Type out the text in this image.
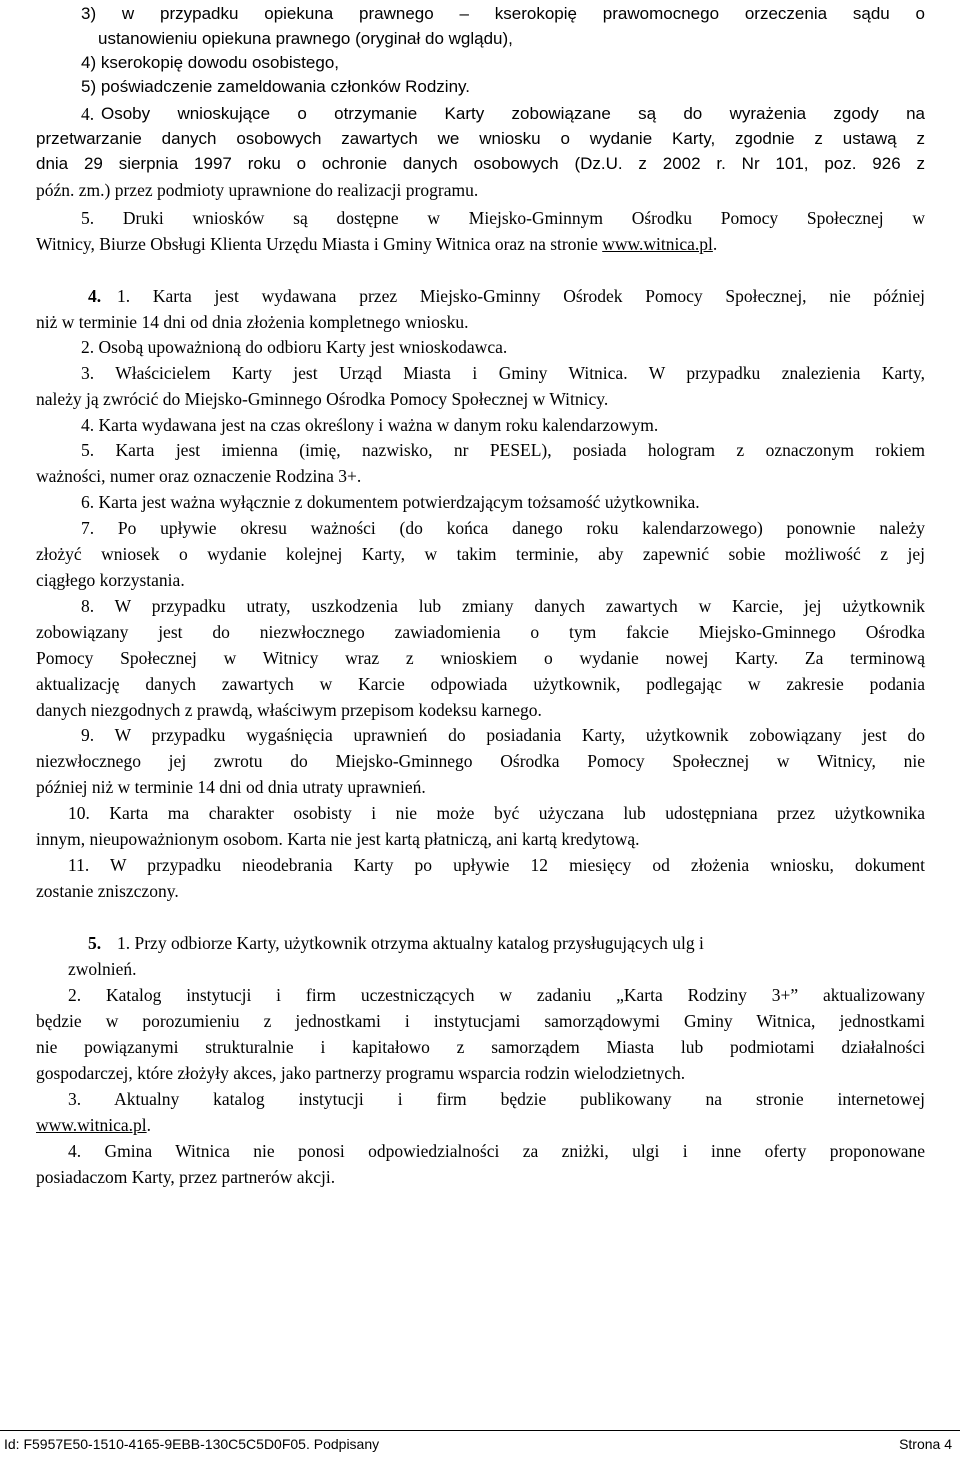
3) w przypadku opiekuna prawnego – kserokopię prawomocnego orzeczenia sądu o
ustanowieniu opiekuna prawnego (oryginał do wglądu),
4) kserokopię dowodu osobistego,
5) poświadczenie zameldowania członków Rodziny.
4. Osoby wnioskujące o otrzymanie Karty zobowiązane są do wyrażenia zgody na
przetwarzanie danych osobowych zawartych we wniosku o wydanie Karty, zgodnie z ustawą z
dnia 29 sierpnia 1997 roku o ochronie danych osobowych (Dz.U. z 2002 r. Nr 101, poz. 926 z
późn. zm.) przez podmioty uprawnione do realizacji programu.
5. Druki wniosków są dostępne w Miejsko-Gminnym Ośrodku Pomocy Społecznej w
Witnicy, Biurze Obsługi Klienta Urzędu Miasta i Gminy Witnica oraz na stronie www.witnica.pl.
4. 1. Karta jest wydawana przez Miejsko-Gminny Ośrodek Pomocy Społecznej, nie później
niż w terminie 14 dni od dnia złożenia kompletnego wniosku.
2. Osobą upoważnioną do odbioru Karty jest wnioskodawca.
3. Właścicielem Karty jest Urząd Miasta i Gminy Witnica. W przypadku znalezienia Karty,
należy ją zwrócić do Miejsko-Gminnego Ośrodka Pomocy Społecznej w Witnicy.
4. Karta wydawana jest na czas określony i ważna w danym roku kalendarzowym.
5. Karta jest imienna (imię, nazwisko, nr PESEL), posiada hologram z oznaczonym rokiem
ważności, numer oraz oznaczenie Rodzina 3+.
6. Karta jest ważna wyłącznie z dokumentem potwierdzającym tożsamość użytkownika.
7. Po upływie okresu ważności (do końca danego roku kalendarzowego) ponownie należy
złożyć wniosek o wydanie kolejnej Karty, w takim terminie, aby zapewnić sobie możliwość z jej
ciągłego korzystania.
8. W przypadku utraty, uszkodzenia lub zmiany danych zawartych w Karcie, jej użytkownik
zobowiązany jest do niezwłocznego zawiadomienia o tym fakcie Miejsko-Gminnego Ośrodka
Pomocy Społecznej w Witnicy wraz z wnioskiem o wydanie nowej Karty. Za terminową
aktualizację danych zawartych w Karcie odpowiada użytkownik, podlegając w zakresie podania
danych niezgodnych z prawdą, właściwym przepisom kodeksu karnego.
9. W przypadku wygaśnięcia uprawnień do posiadania Karty, użytkownik zobowiązany jest do
niezwłocznego jej zwrotu do Miejsko-Gminnego Ośrodka Pomocy Społecznej w Witnicy, nie
później niż w terminie 14 dni od dnia utraty uprawnień.
10. Karta ma charakter osobisty i nie może być użyczana lub udostępniana przez użytkownika
innym, nieupoważnionym osobom. Karta nie jest kartą płatniczą, ani kartą kredytową.
11. W przypadku nieodebrania Karty po upływie 12 miesięcy od złożenia wniosku, dokument
zostanie zniszczony.
5. 1. Przy odbiorze Karty, użytkownik otrzyma aktualny katalog przysługujących ulg i
zwolnień.
2. Katalog instytucji i firm uczestniczących w zadaniu „Karta Rodziny 3+” aktualizowany
będzie w porozumieniu z jednostkami i instytucjami samorządowymi Gminy Witnica, jednostkami
nie powiązanymi strukturalnie i kapitałowo z samorządem Miasta lub podmiotami działalności
gospodarczej, które złożyły akces, jako partnerzy programu wsparcia rodzin wielodzietnych.
3. Aktualny katalog instytucji i firm będzie publikowany na stronie internetowej
www.witnica.pl.
4. Gmina Witnica nie ponosi odpowiedzialności za zniżki, ulgi i inne oferty proponowane
posiadaczom Karty, przez partnerów akcji.
Id: F5957E50-1510-4165-9EBB-130C5C5D0F05. Podpisany	Strona 4
